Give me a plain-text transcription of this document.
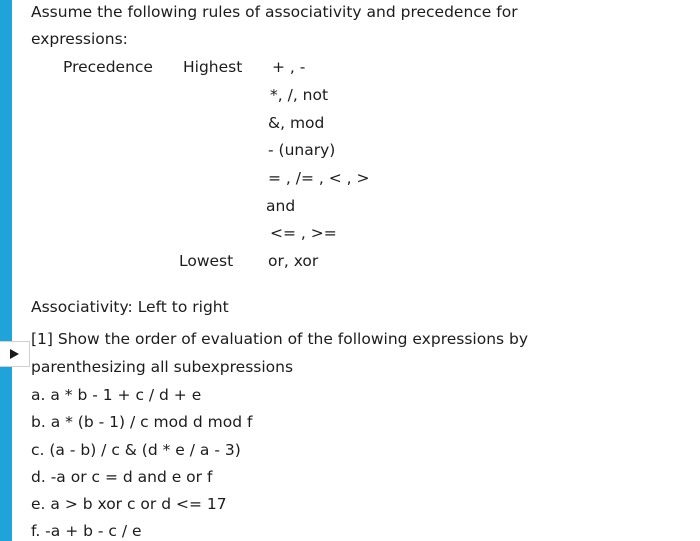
Assume the following rules of associativity and precedence for
expressions:
Precedence Highest + , -
*, /, not
&, mod
- (unary)
= , /= , < , >
and
<= , >=
Lowest or, xor
Associativity: Left to right
[1] Show the order of evaluation of the following expressions by
parenthesizing all subexpressions
a. a * b - 1 + c / d + e
b. a * (b - 1) / c mod d mod f
c. (a - b) / c & (d * e / a - 3)
d. -a or c = d and e or f
e. a > b xor c or d <= 17
f. -a + b - c / e
